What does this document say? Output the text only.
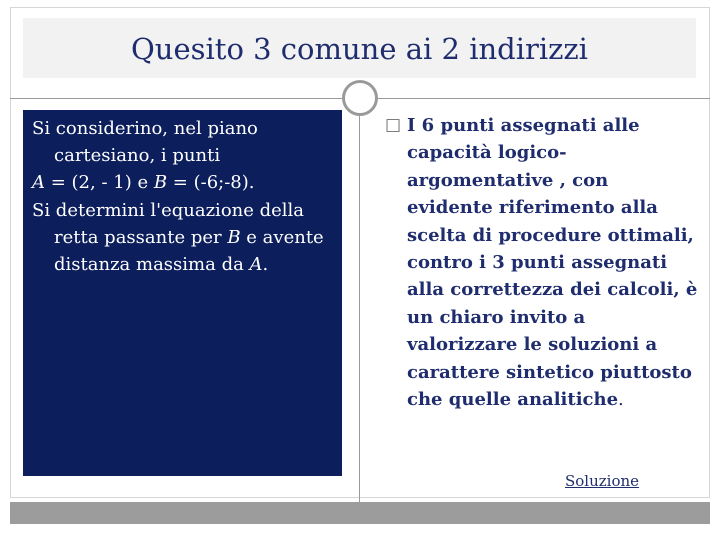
Quesito 3 comune ai 2 indirizzi

Si considerino, nel piano cartesiano, i punti

A = (2, - 1) e B = (-6;-8).

Si determini l'equazione della retta passante per B e avente distanza massima da A.

□ I 6 punti assegnati alle capacità logico-argomentative , con evidente riferimento alla scelta di procedure ottimali, contro i 3 punti assegnati alla correttezza dei calcoli, è un chiaro invito a valorizzare le soluzioni a carattere sintetico piuttosto che quelle analitiche.
Soluzione
